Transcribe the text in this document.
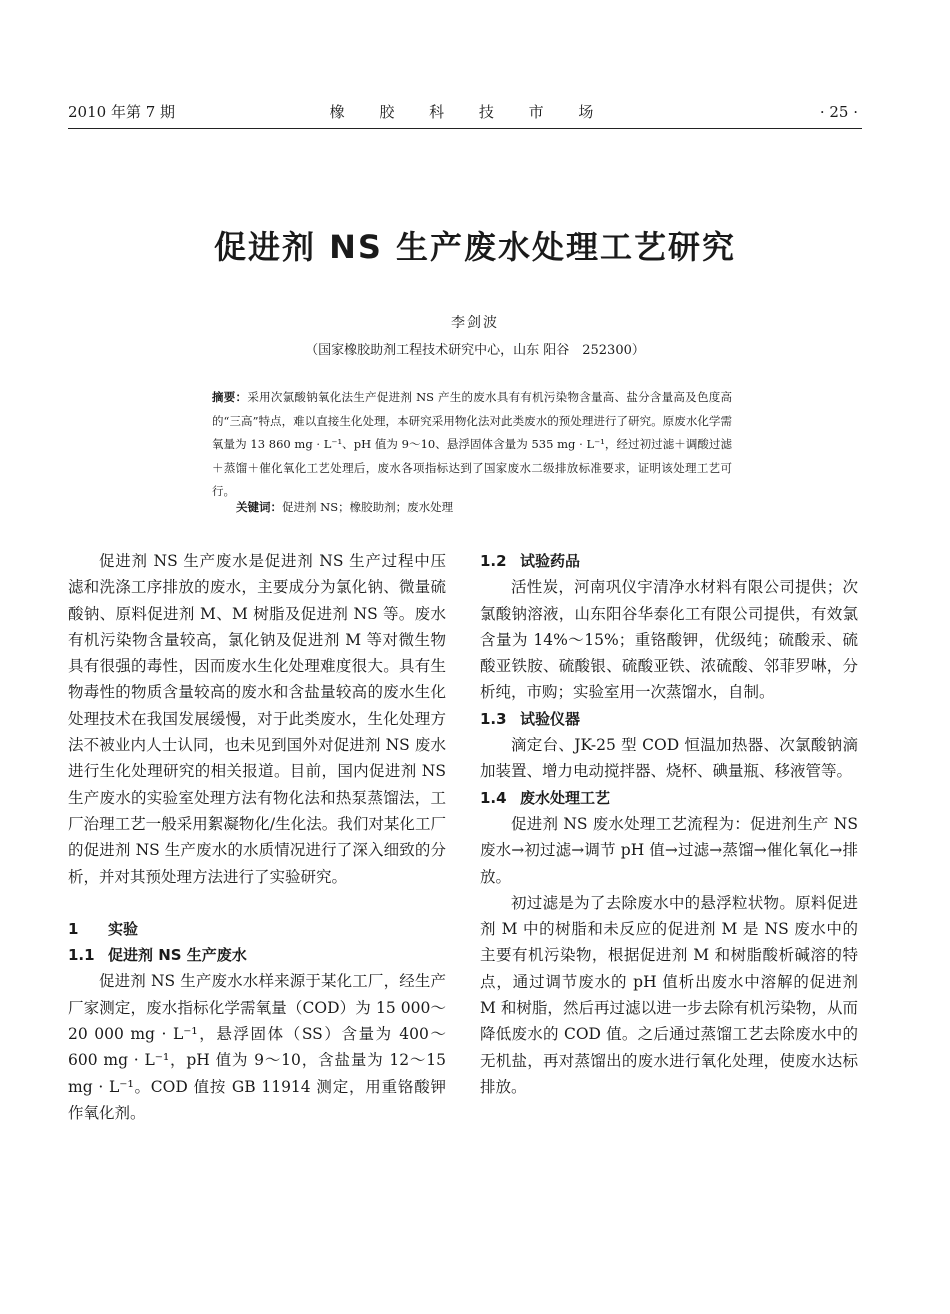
2010 年第 7 期	橡 胶 科 技 市 场	· 25 ·
促进剂 NS 生产废水处理工艺研究
李剑波
（国家橡胶助剂工程技术研究中心，山东 阳谷　252300）
摘要：采用次氯酸钠氧化法生产促进剂 NS 产生的废水具有有机污染物含量高、盐分含量高及色度高的“三高”特点，难以直接生化处理，本研究采用物化法对此类废水的预处理进行了研究。原废水化学需氧量为 13 860 mg · L⁻¹、pH 值为 9～10、悬浮固体含量为 535 mg · L⁻¹，经过初过滤＋调酸过滤＋蒸馏＋催化氧化工艺处理后，废水各项指标达到了国家废水二级排放标准要求，证明该处理工艺可行。
关键词：促进剂 NS；橡胶助剂；废水处理

促进剂 NS 生产废水是促进剂 NS 生产过程中压滤和洗涤工序排放的废水，主要成分为氯化钠、微量硫酸钠、原料促进剂 M、M 树脂及促进剂 NS 等。废水有机污染物含量较高，氯化钠及促进剂 M 等对微生物具有很强的毒性，因而废水生化处理难度很大。具有生物毒性的物质含量较高的废水和含盐量较高的废水生化处理技术在我国发展缓慢，对于此类废水，生化处理方法不被业内人士认同，也未见到国外对促进剂 NS 废水进行生化处理研究的相关报道。目前，国内促进剂 NS 生产废水的实验室处理方法有物化法和热泵蒸馏法，工厂治理工艺一般采用絮凝物化/生化法。我们对某化工厂的促进剂 NS 生产废水的水质情况进行了深入细致的分析，并对其预处理方法进行了实验研究。

1 实验
1.1 促进剂 NS 生产废水

促进剂 NS 生产废水水样来源于某化工厂，经生产厂家测定，废水指标化学需氧量（COD）为 15 000～20 000 mg · L⁻¹，悬浮固体（SS）含量为 400～600 mg · L⁻¹，pH 值为 9～10，含盐量为 12～15 mg · L⁻¹。COD 值按 GB 11914 测定，用重铬酸钾作氧化剂。

1.2 试验药品

活性炭，河南巩仪宇清净水材料有限公司提供；次氯酸钠溶液，山东阳谷华泰化工有限公司提供，有效氯含量为 14%～15%；重铬酸钾，优级纯；硫酸汞、硫酸亚铁胺、硫酸银、硫酸亚铁、浓硫酸、邻菲罗啉，分析纯，市购；实验室用一次蒸馏水，自制。

1.3 试验仪器

滴定台、JK-25 型 COD 恒温加热器、次氯酸钠滴加装置、增力电动搅拌器、烧杯、碘量瓶、移液管等。

1.4 废水处理工艺

促进剂 NS 废水处理工艺流程为：促进剂生产 NS 废水→初过滤→调节 pH 值→过滤→蒸馏→催化氧化→排放。

初过滤是为了去除废水中的悬浮粒状物。原料促进剂 M 中的树脂和未反应的促进剂 M 是 NS 废水中的主要有机污染物，根据促进剂 M 和树脂酸析碱溶的特点，通过调节废水的 pH 值析出废水中溶解的促进剂 M 和树脂，然后再过滤以进一步去除有机污染物，从而降低废水的 COD 值。之后通过蒸馏工艺去除废水中的无机盐，再对蒸馏出的废水进行氧化处理，使废水达标排放。
